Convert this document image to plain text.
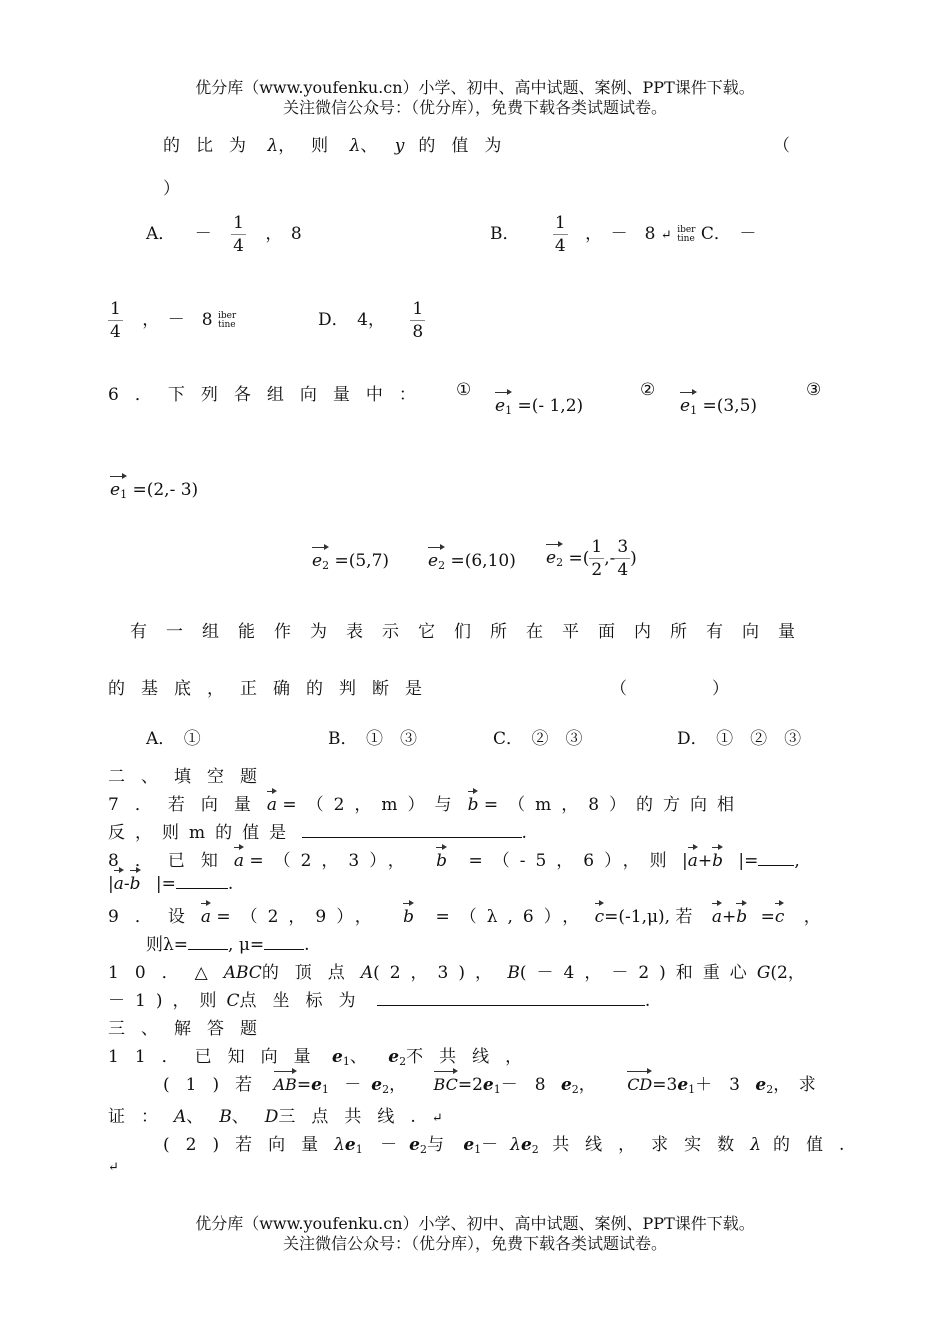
优分库（www.youfenku.cn）小学、初中、高中试题、案例、PPT课件下载。
关注微信公众号：（优分库），免费下载各类试题试卷。
的比为 λ，则 λ、 y 的值为	（
）
A． － $\frac{1}{4}$ ，　8	B． $\frac{1}{4}$ ，　－　8 ↵ iber
tine C．　－
$\frac{1}{4}$ ，　－　8 iber
tine	D．　4， $\frac{1}{8}$
6．下列各组向量中： ①
$e_1$ =(- 1,2)
②
$e_1 =(3,5)$
③
$e_1 =(2,-$ 3)
$e_2 =(5,7)$ $e_2 =(6,10)$ $e_2$ =( $\frac{1}{2}$ ,- $\frac{3}{4}$ )
有一组能作为表示它们所在平面内所有向量
的基底，正确的判断是	（　　　　　）
A．　①	B．　①　③	C．　②　③	D．　①　②　③
二、填空题
7．若向量a =（2，m）与 b =（m，8）的方向相
反，则m的值是	.
8．已知a =（2，3）， b =（-5，6），则 |a+b |= ,
|a-b |=	.
9．设a =（2，9）， b =（λ,6）， c=(-1,μ), 若 a+b =c ，
则λ= , μ= .
10．△ABC的顶点A(2，3)， B(－4，－2)和重心G(2，
－1)，则C点坐标为	.
三、解答题
11．已知向量 $e_1$、 $e_2$不共线，
(1)若 $AB=e_1 - e_2$， $BC=2e_1-$　8 $e_2$， $CD=3e_1+$　3 $e_2$，　求
证：A、B、D三点共线.↵
(2)若向量$\lambda e_1 - e_2$与 $e_1- \lambda e_2$ 共线，求实数λ 的值.
↵
优分库（www.youfenku.cn）小学、初中、高中试题、案例、PPT课件下载。
关注微信公众号：（优分库），免费下载各类试题试卷。
